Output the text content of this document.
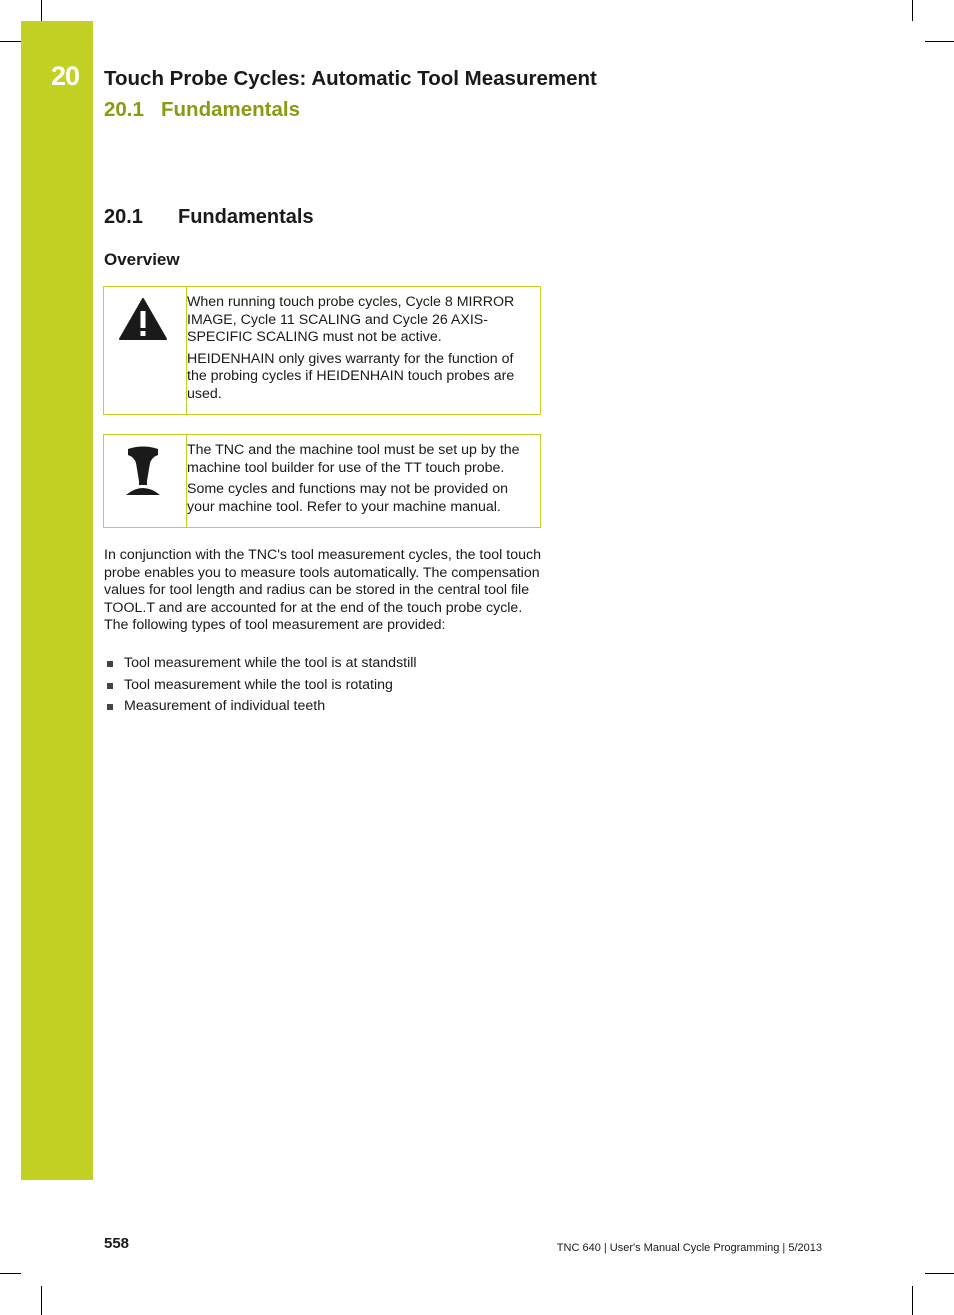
20 Touch Probe Cycles: Automatic Tool Measurement
20.1 Fundamentals
20.1 Fundamentals
Overview

When running touch probe cycles, Cycle 8 MIRROR IMAGE, Cycle 11 SCALING and Cycle 26 AXIS-SPECIFIC SCALING must not be active.

HEIDENHAIN only gives warranty for the function of the probing cycles if HEIDENHAIN touch probes are used.

The TNC and the machine tool must be set up by the machine tool builder for use of the TT touch probe.

Some cycles and functions may not be provided on your machine tool. Refer to your machine manual.

In conjunction with the TNC's tool measurement cycles, the tool touch probe enables you to measure tools automatically. The compensation values for tool length and radius can be stored in the central tool file TOOL.T and are accounted for at the end of the touch probe cycle. The following types of tool measurement are provided:

Tool measurement while the tool is at standstill
Tool measurement while the tool is rotating
Measurement of individual teeth
558	TNC 640 | User's Manual Cycle Programming | 5/2013
